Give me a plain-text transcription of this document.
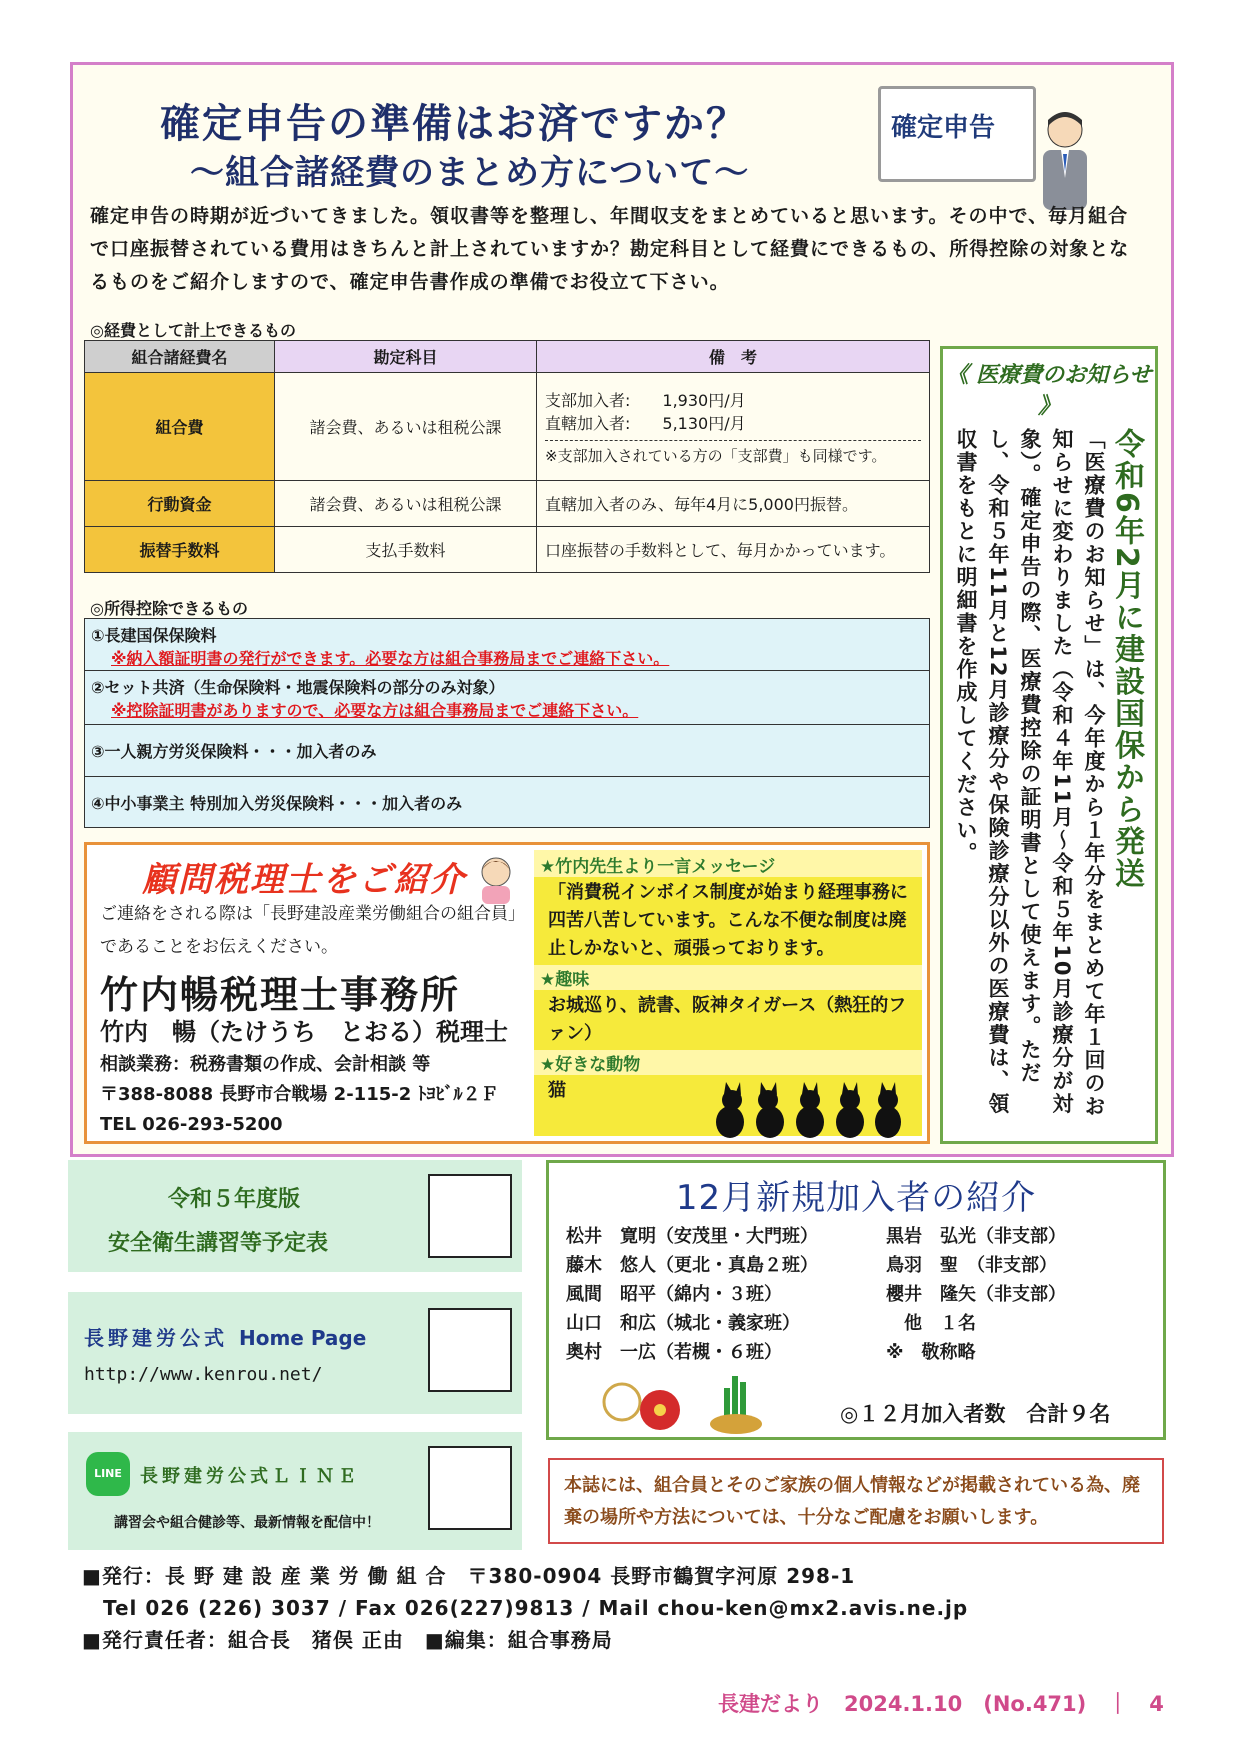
確定申告の準備はお済ですか？
～組合諸経費のまとめ方について～
確定申告
確定申告の時期が近づいてきました。領収書等を整理し、年間収支をまとめていると思います。その中で、毎月組合で口座振替されている費用はきちんと計上されていますか？勘定科目として経費にできるもの、所得控除の対象となるものをご紹介しますので、確定申告書作成の準備でお役立て下さい。
◎経費として計上できるもの
組合諸経費名	勘定科目	備　考
組合費	諸会費、あるいは租税公課	支部加入者:　　1,930円/月
直轄加入者:　　5,130円/月
※支部加入されている方の「支部費」も同様です。

行動資金	諸会費、あるいは租税公課	直轄加入者のみ、毎年4月に5,000円振替。
振替手数料	支払手数料	口座振替の手数料として、毎月かかっています。
◎所得控除できるもの
①長建国保保険料
※納入額証明書の発行ができます。必要な方は組合事務局までご連絡下さい。
②セット共済（生命保険料・地震保険料の部分のみ対象）
※控除証明書がありますので、必要な方は組合事務局までご連絡下さい。
③一人親方労災保険料・・・加入者のみ
④中小事業主 特別加入労災保険料・・・加入者のみ
顧問税理士をご紹介
ご連絡をされる際は「長野建設産業労働組合の組合員」であることをお伝えください。
竹内暢税理士事務所
竹内　暢（たけうち　とおる）税理士
相談業務：税務書類の作成、会計相談 等
〒388-8088 長野市合戦場 2-115-2 ﾄﾖﾋﾞﾙ２Ｆ
TEL 026-293-5200
★竹内先生より一言メッセージ
「消費税インボイス制度が始まり経理事務に四苦八苦しています。こんな不便な制度は廃止しかないと、頑張っております。
★趣味
お城巡り、読書、阪神タイガース（熱狂的ファン）
★好きな動物
猫
《 医療費のお知らせ 》
令和6年2月に建設国保から発送
「医療費のお知らせ」は、今年度から１年分をまとめて年１回のお知らせに変わりました（令和４年11月～令和５年10月診療分が対象）。確定申告の際、医療費控除の証明書として使えます。ただし、令和５年11月と12月診療分や保険診療分以外の医療費は、領収書をもとに明細書を作成してください。
令和５年度版
安全衛生講習等予定表
長野建労公式 Home Page
http://www.kenrou.net/
LINE	長野建労公式ＬＩＮＥ
講習会や組合健診等、最新情報を配信中！
12月新規加入者の紹介
松井　寛明（安茂里・大門班）
藤木　悠人（更北・真島２班）
風間　昭平（綿内・３班）
山口　和広（城北・義家班）
奥村　一広（若槻・６班）
黒岩　弘光（非支部）
鳥羽　聖　（非支部）
櫻井　隆矢（非支部）
　他　１名
※　敬称略
◎１２月加入者数　合計９名
本誌には、組合員とそのご家族の個人情報などが掲載されている為、廃棄の場所や方法については、十分なご配慮をお願いします。
■発行：長 野 建 設 産 業 労 働 組 合　〒380-0904 長野市鶴賀字河原 298-1
　Tel 026 (226) 3037 / Fax 026(227)9813 / Mail chou-ken@mx2.avis.ne.jp
■発行責任者：組合長　猪俣 正由　■編集：組合事務局
長建だより　2024.1.10　(No.471)　｜　4
